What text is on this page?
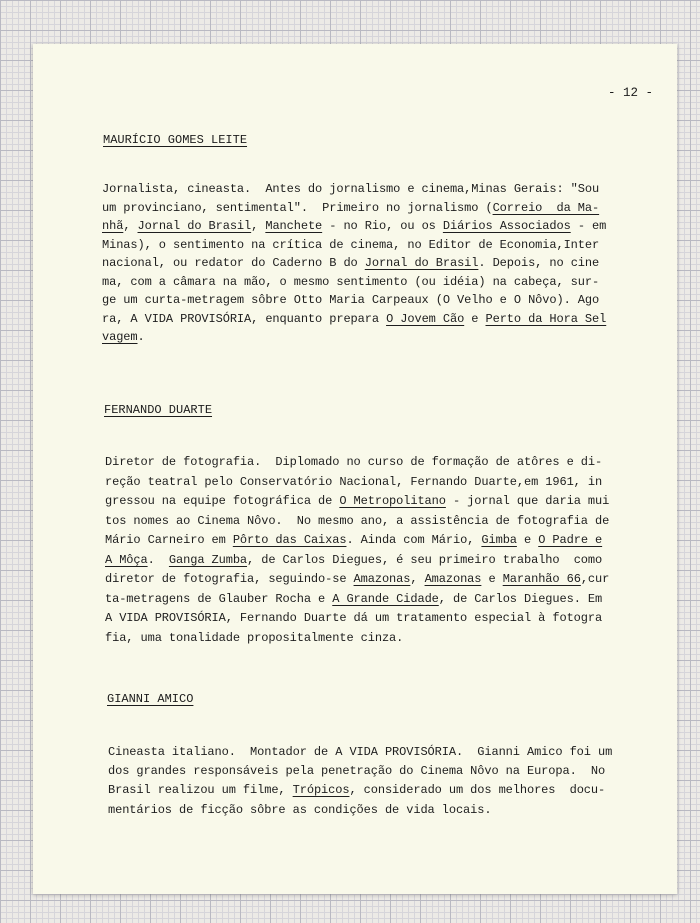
- 12 -
MAURÍCIO GOMES LEITE
FERNANDO DUARTE
GIANNI AMICO
Jornalista, cineasta.  Antes do jornalismo e cinema,Minas Gerais: "Sou
um provinciano, sentimental".  Primeiro no jornalismo (Correio  da Ma-
nhã, Jornal do Brasil, Manchete - no Rio, ou os Diários Associados - em
Minas), o sentimento na crítica de cinema, no Editor de Economia,Inter
nacional, ou redator do Caderno B do Jornal do Brasil. Depois, no cine
ma, com a câmara na mão, o mesmo sentimento (ou idéia) na cabeça, sur-
ge um curta-metragem sôbre Otto Maria Carpeaux (O Velho e O Nôvo). Ago
ra, A VIDA PROVISÓRIA, enquanto prepara O Jovem Cão e Perto da Hora Sel
vagem.
Diretor de fotografia.  Diplomado no curso de formação de atôres e di-
reção teatral pelo Conservatório Nacional, Fernando Duarte,em 1961, in
gressou na equipe fotográfica de O Metropolitano - jornal que daria mui
tos nomes ao Cinema Nôvo.  No mesmo ano, a assistência de fotografia de
Mário Carneiro em Pôrto das Caixas. Ainda com Mário, Gimba e O Padre e
A Môça.  Ganga Zumba, de Carlos Diegues, é seu primeiro trabalho  como
diretor de fotografia, seguindo-se Amazonas, Amazonas e Maranhão 66,cur
ta-metragens de Glauber Rocha e A Grande Cidade, de Carlos Diegues. Em
A VIDA PROVISÓRIA, Fernando Duarte dá um tratamento especial à fotogra
fia, uma tonalidade propositalmente cinza.
Cineasta italiano.  Montador de A VIDA PROVISÓRIA.  Gianni Amico foi um
dos grandes responsáveis pela penetração do Cinema Nôvo na Europa.  No
Brasil realizou um filme, Trópicos, considerado um dos melhores  docu-
mentários de ficção sôbre as condições de vida locais.
